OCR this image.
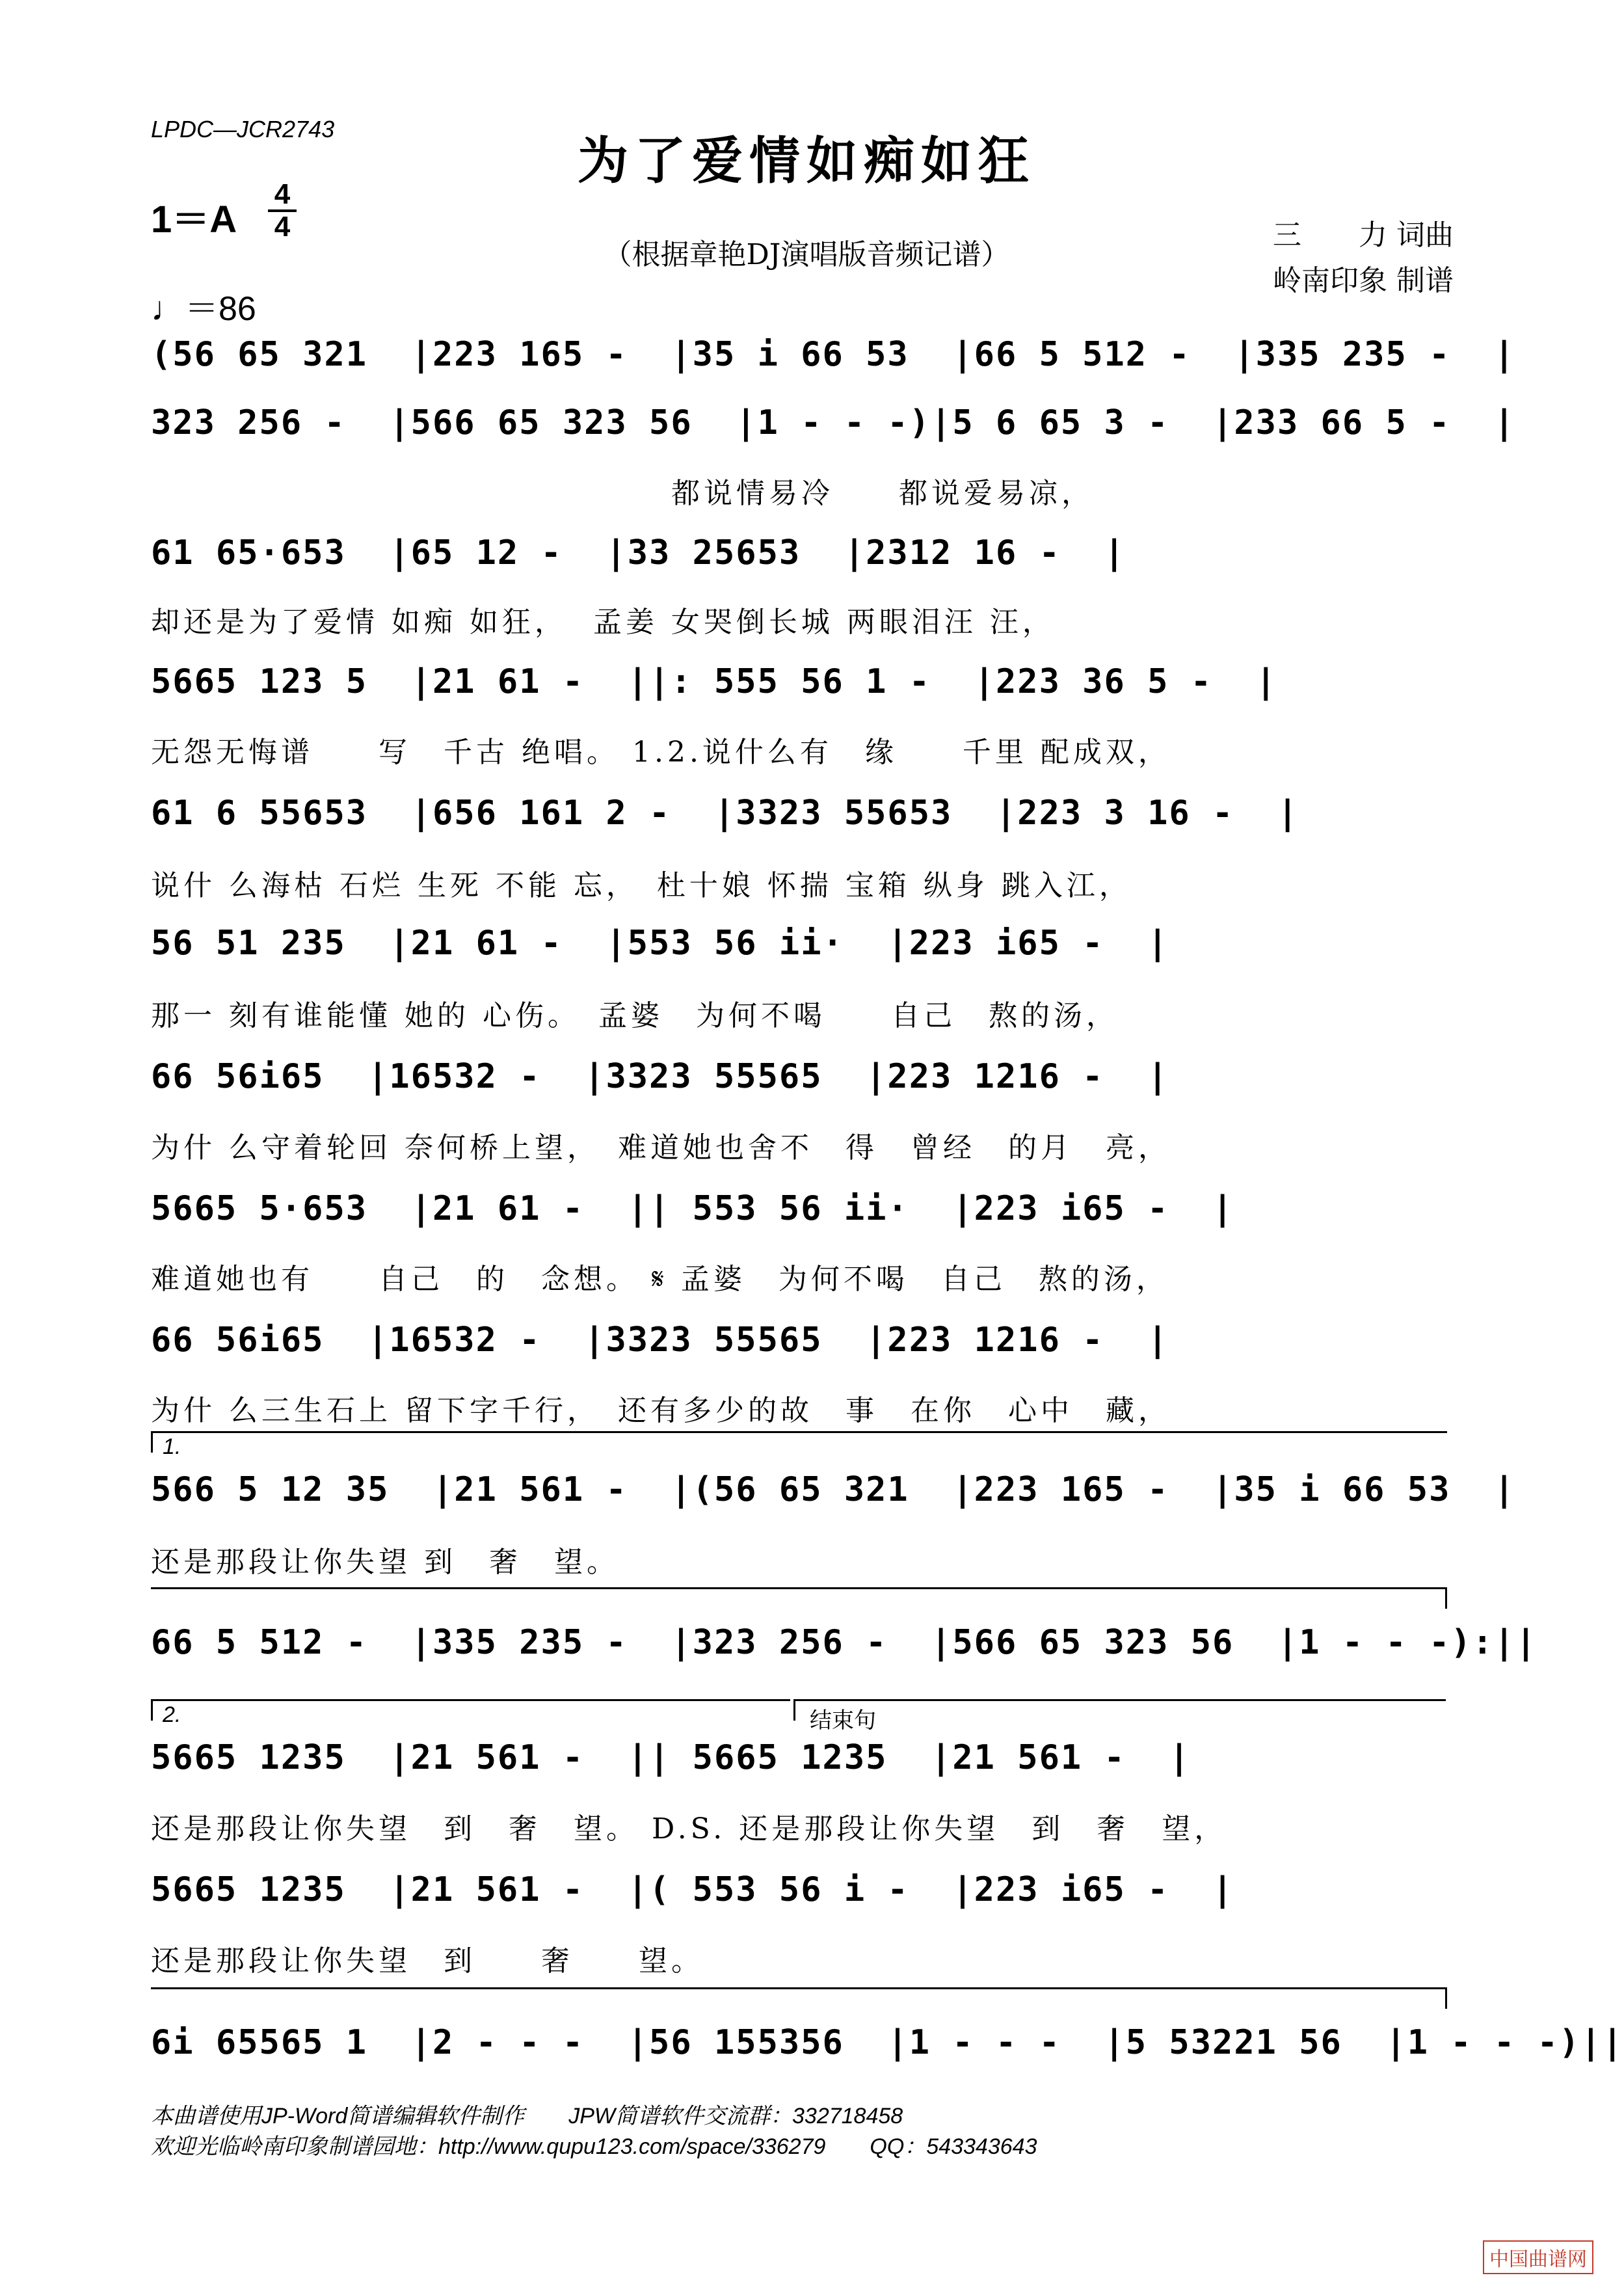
LPDC—JCR2743
为了爱情如痴如狂
1＝A
4
4
（根据章艳DJ演唱版音频记谱）
三　　力 词曲
岭南印象 制谱
♩＝86
(56 65 321  |223 165 -  |35 i 66 53  |66 5 512 -  |335 235 -  |
323 256 -  |566 65 323 56  |1 - - -)|5 6 65 3 -  |233 66 5 -  |
　　　　　　　　　　　　　　　　都说情易冷　　都说爱易凉，
61 65·653  |65 12 -  |33 25653  |2312 16 -  |
却还是为了爱情 如痴 如狂，  孟姜 女哭倒长城 两眼泪汪 汪，
5665 123 5  |21 61 -  ||: 555 56 1 -  |223 36 5 -  |
无怨无悔谱　　写　千古 绝唱。 1.2.说什么有　缘　　千里 配成双，
61 6 55653  |656 161 2 -  |3323 55653  |223 3 16 -  |
说什 么海枯 石烂 生死 不能 忘，　杜十娘 怀揣 宝箱 纵身 跳入江，
56 51 235  |21 61 -  |553 56 ii·  |223 i65 -  |
那一 刻有谁能懂 她的 心伤。　孟婆　为何不喝　　自己　熬的汤，
66 56i65  |16532 -  |3323 55565  |223 1216 -  |
为什 么守着轮回 奈何桥上望，　难道她也舍不　得　曾经　的月　亮，
5665 5·653  |21 61 -  || 553 56 ii·  |223 i65 -  |
难道她也有　　自己　的　念想。 𝄋 孟婆　为何不喝　自己　熬的汤，
66 56i65  |16532 -  |3323 55565  |223 1216 -  |
为什 么三生石上 留下字千行，　还有多少的故　事　在你　心中　藏，
1.
566 5 12 35  |21 561 -  |(56 65 321  |223 165 -  |35 i 66 53  |
还是那段让你失望 到　奢　望。
66 5 512 -  |335 235 -  |323 256 -  |566 65 323 56  |1 - - -):||
2.	结束句
5665 1235  |21 561 -  || 5665 1235  |21 561 -  |
还是那段让你失望　到　奢　望。 D.S. 还是那段让你失望　到　奢　望，
5665 1235  |21 561 -  |( 553 56 i -  |223 i65 -  |
还是那段让你失望　到　　奢　　望。
6i 65565 1  |2 - - -  |56 155356  |1 - - -  |5 53221 56  |1 - - -)||
本曲谱使用JP-Word简谱编辑软件制作　　JPW简谱软件交流群：332718458
欢迎光临岭南印象制谱园地：http://www.qupu123.com/space/336279　　QQ：543343643
中国曲谱网
